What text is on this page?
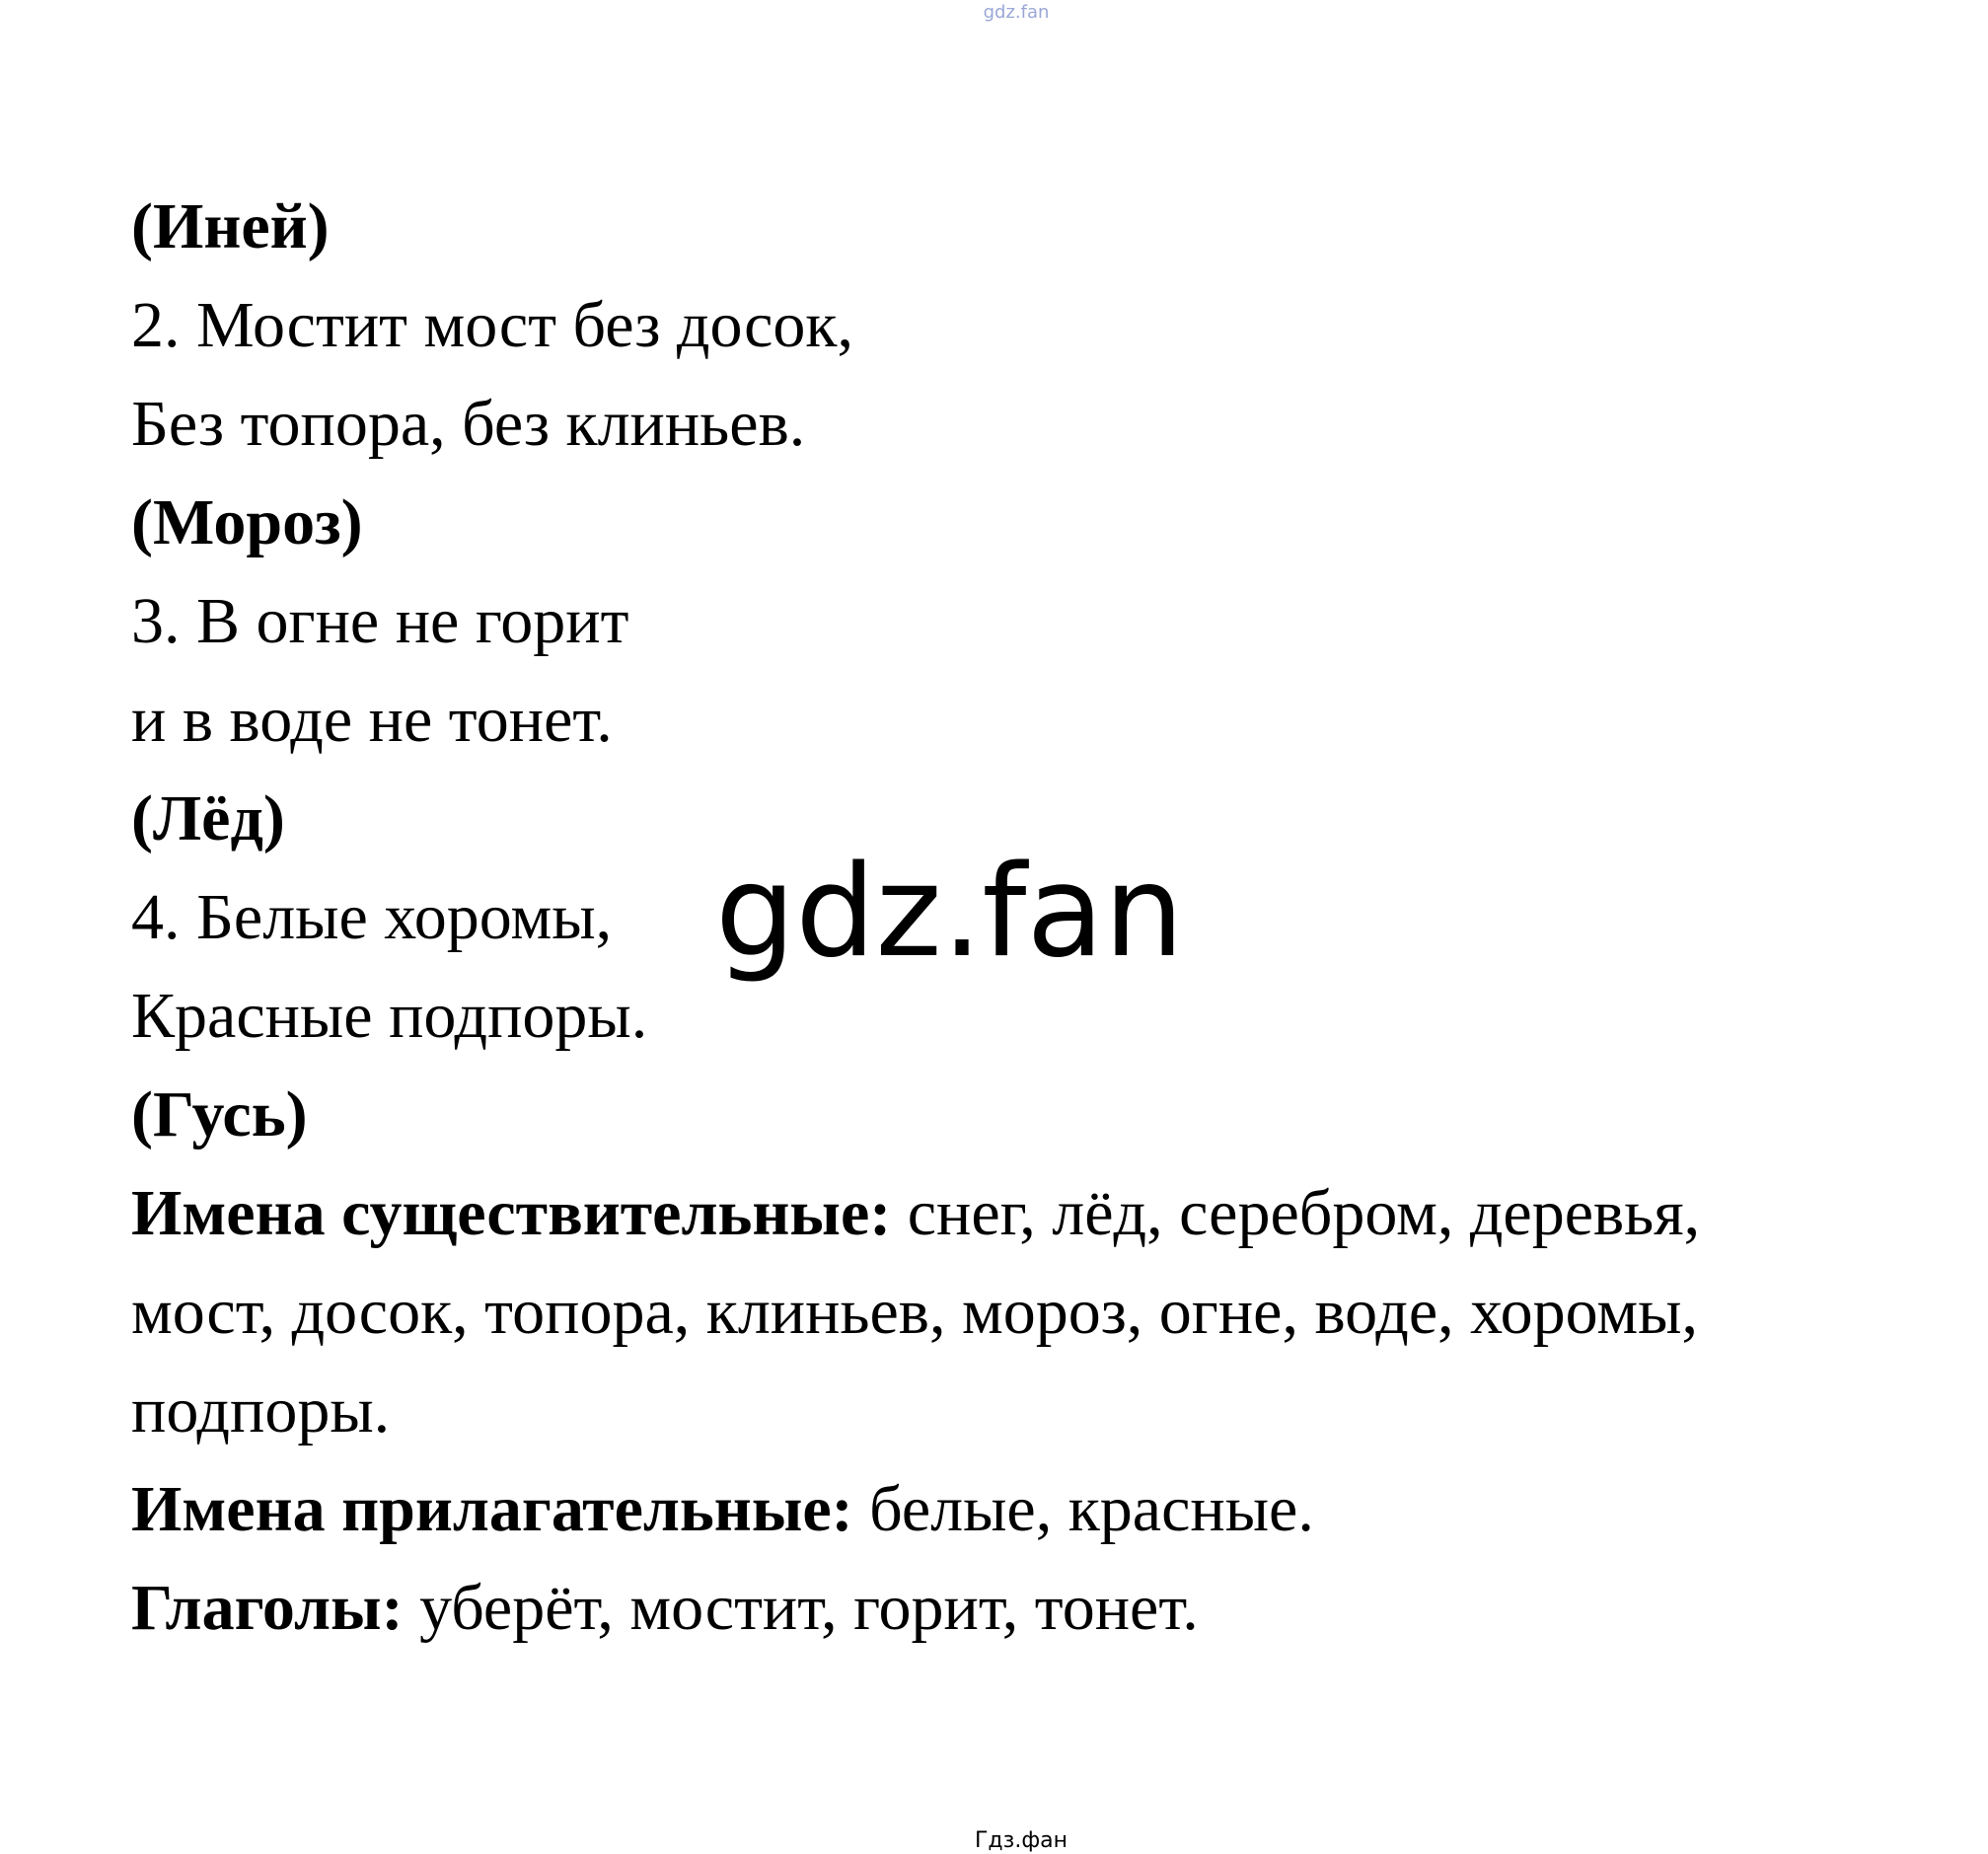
gdz.fan

(Иней)

2. Мостит мост без досок,

Без топора, без клиньев.

(Мороз)

3. В огне не горит

и в воде не тонет.

(Лёд)

4. Белые хоромы,

Красные подпоры.

(Гусь)

Имена существительные: снег, лёд, серебром, деревья,

мост, досок, топора, клиньев, мороз, огне, воде, хоромы,

подпоры.

Имена прилагательные: белые, красные.

Глаголы: уберёт, мостит, горит, тонет.

gdz.fan
Гдз.фан
